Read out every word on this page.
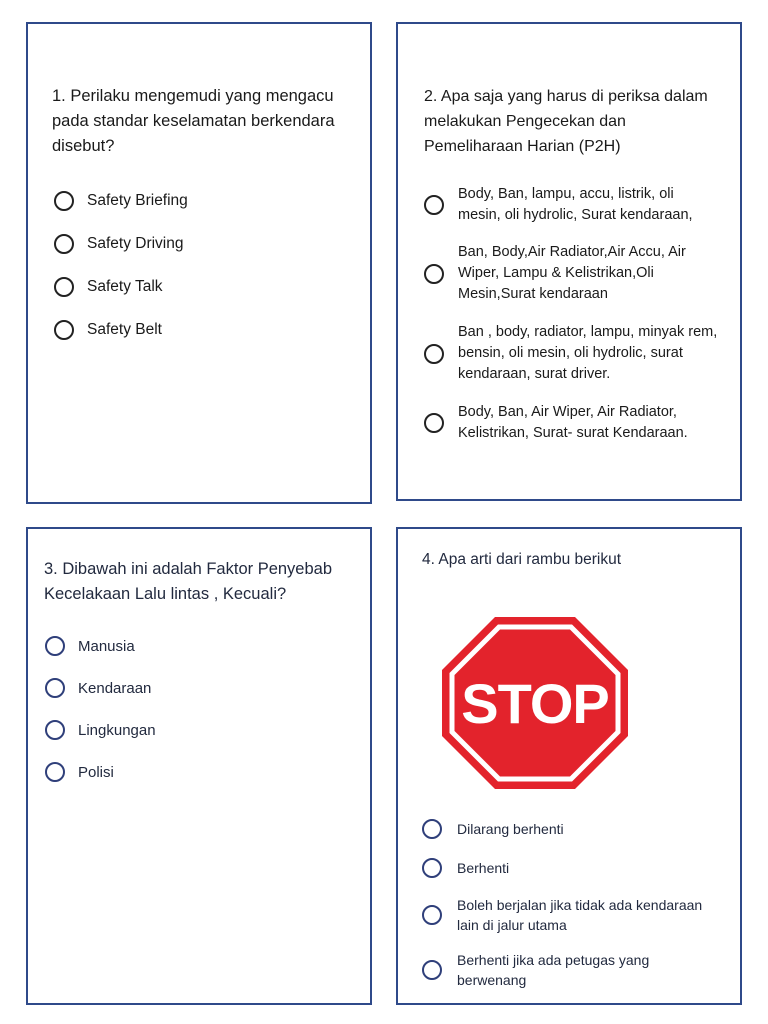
1. Perilaku mengemudi yang mengacu
pada standar keselamatan berkendara
disebut?
Safety Briefing
Safety Driving
Safety Talk
Safety Belt
2. Apa saja yang harus di periksa dalam
melakukan Pengecekan dan
Pemeliharaan Harian (P2H)
Body, Ban, lampu, accu, listrik, oli
mesin, oli hydrolic, Surat kendaraan,
Ban, Body,Air Radiator,Air Accu, Air
Wiper, Lampu & Kelistrikan,Oli
Mesin,Surat kendaraan
Ban , body, radiator, lampu, minyak rem,
bensin, oli mesin, oli hydrolic, surat
kendaraan, surat driver.
Body, Ban, Air Wiper, Air Radiator,
Kelistrikan, Surat- surat Kendaraan.
3. Dibawah ini adalah Faktor Penyebab
Kecelakaan Lalu lintas , Kecuali?
Manusia
Kendaraan
Lingkungan
Polisi
4. Apa arti dari rambu berikut
STOP
Dilarang berhenti
Berhenti
Boleh berjalan jika tidak ada kendaraan
lain di jalur utama
Berhenti jika ada petugas yang
berwenang
